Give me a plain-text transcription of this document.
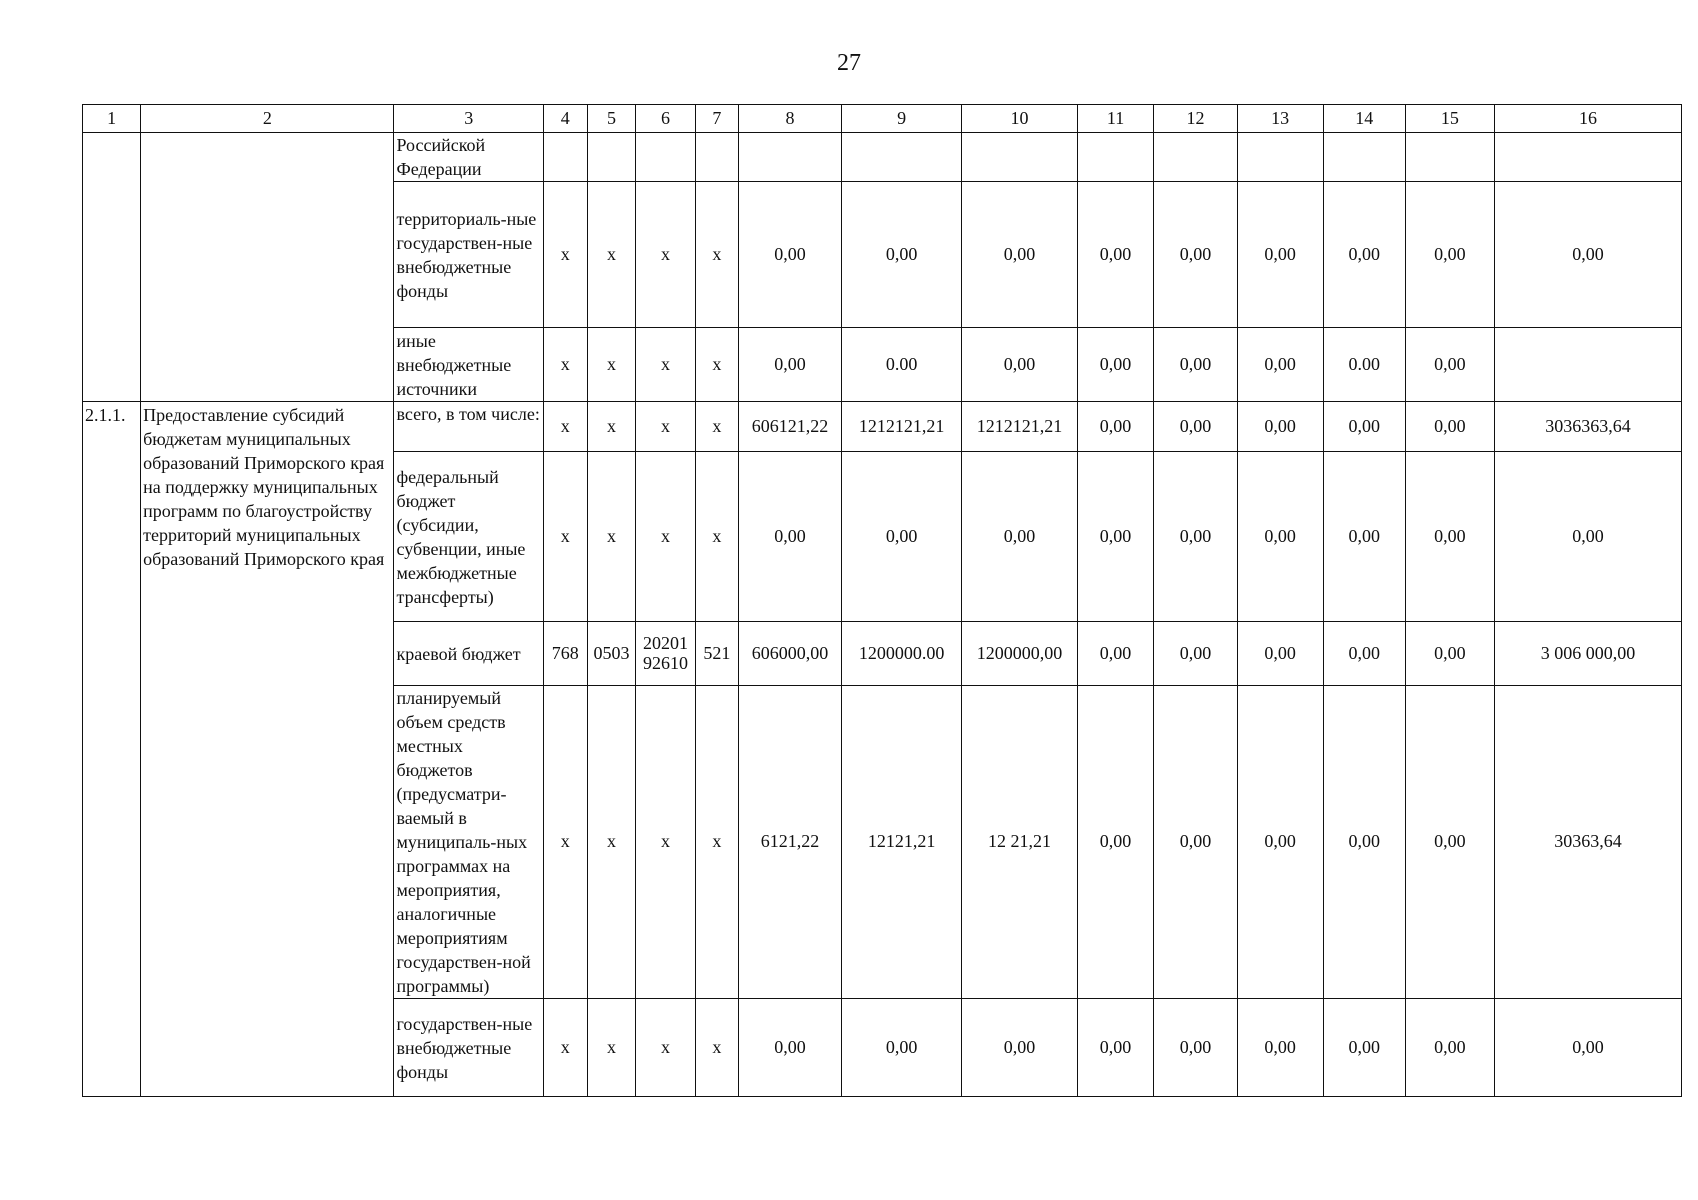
27
1	2	3	4	5	6	7	8	9	10	11	12	13	14	15	16
		Российской Федерации													
		территориаль-ные государствен-ные внебюджетные фонды	x	x	x	x	0,00	0,00	0,00	0,00	0,00	0,00	0,00	0,00	0,00
		иные внебюджетные источники	x	x	x	x	0,00	0.00	0,00	0,00	0,00	0,00	0.00	0,00	
2.1.1.	Предоставление субсидий бюджетам муниципальных образований Приморского края на поддержку муниципальных программ по благоустройству территорий муниципальных образований Приморского края	всего, в том числе:	x	x	x	x	606121,22	1212121,21	1212121,21	0,00	0,00	0,00	0,00	0,00	3036363,64
		федеральный бюджет (субсидии, субвенции, иные межбюджетные трансферты)	x	x	x	x	0,00	0,00	0,00	0,00	0,00	0,00	0,00	0,00	0,00
		краевой бюджет	768	0503	20201 92610	521	606000,00	1200000.00	1200000,00	0,00	0,00	0,00	0,00	0,00	3 006 000,00
		планируемый объем средств местных бюджетов (предусматри-ваемый в муниципаль-ных программах на мероприятия, аналогичные мероприятиям государствен-ной программы)	x	x	x	x	6121,22	12121,21	12 21,21	0,00	0,00	0,00	0,00	0,00	30363,64
		государствен-ные внебюджетные фонды	x	x	x	x	0,00	0,00	0,00	0,00	0,00	0,00	0,00	0,00	0,00
